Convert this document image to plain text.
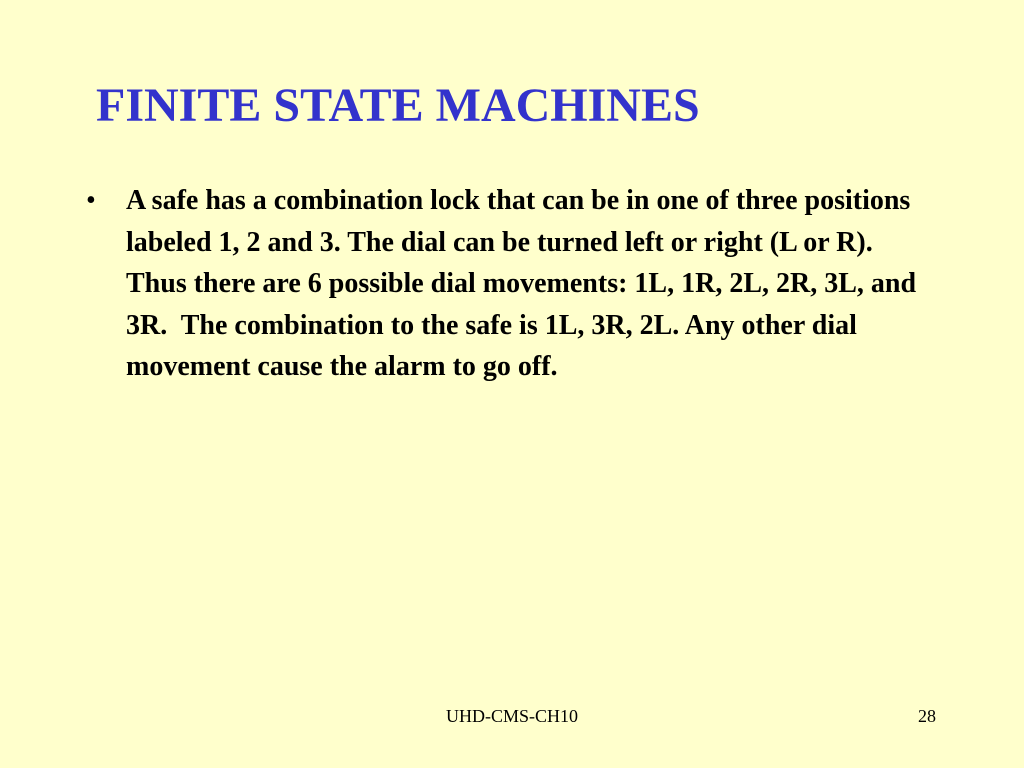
FINITE STATE MACHINES
• A safe has a combination lock that can be in one of three positions labeled 1, 2 and 3. The dial can be turned left or right (L or R).  Thus there are 6 possible dial movements: 1L, 1R, 2L, 2R, 3L, and 3R.  The combination to the safe is 1L, 3R, 2L. Any other dial movement cause the alarm to go off.
UHD-CMS-CH10	28
